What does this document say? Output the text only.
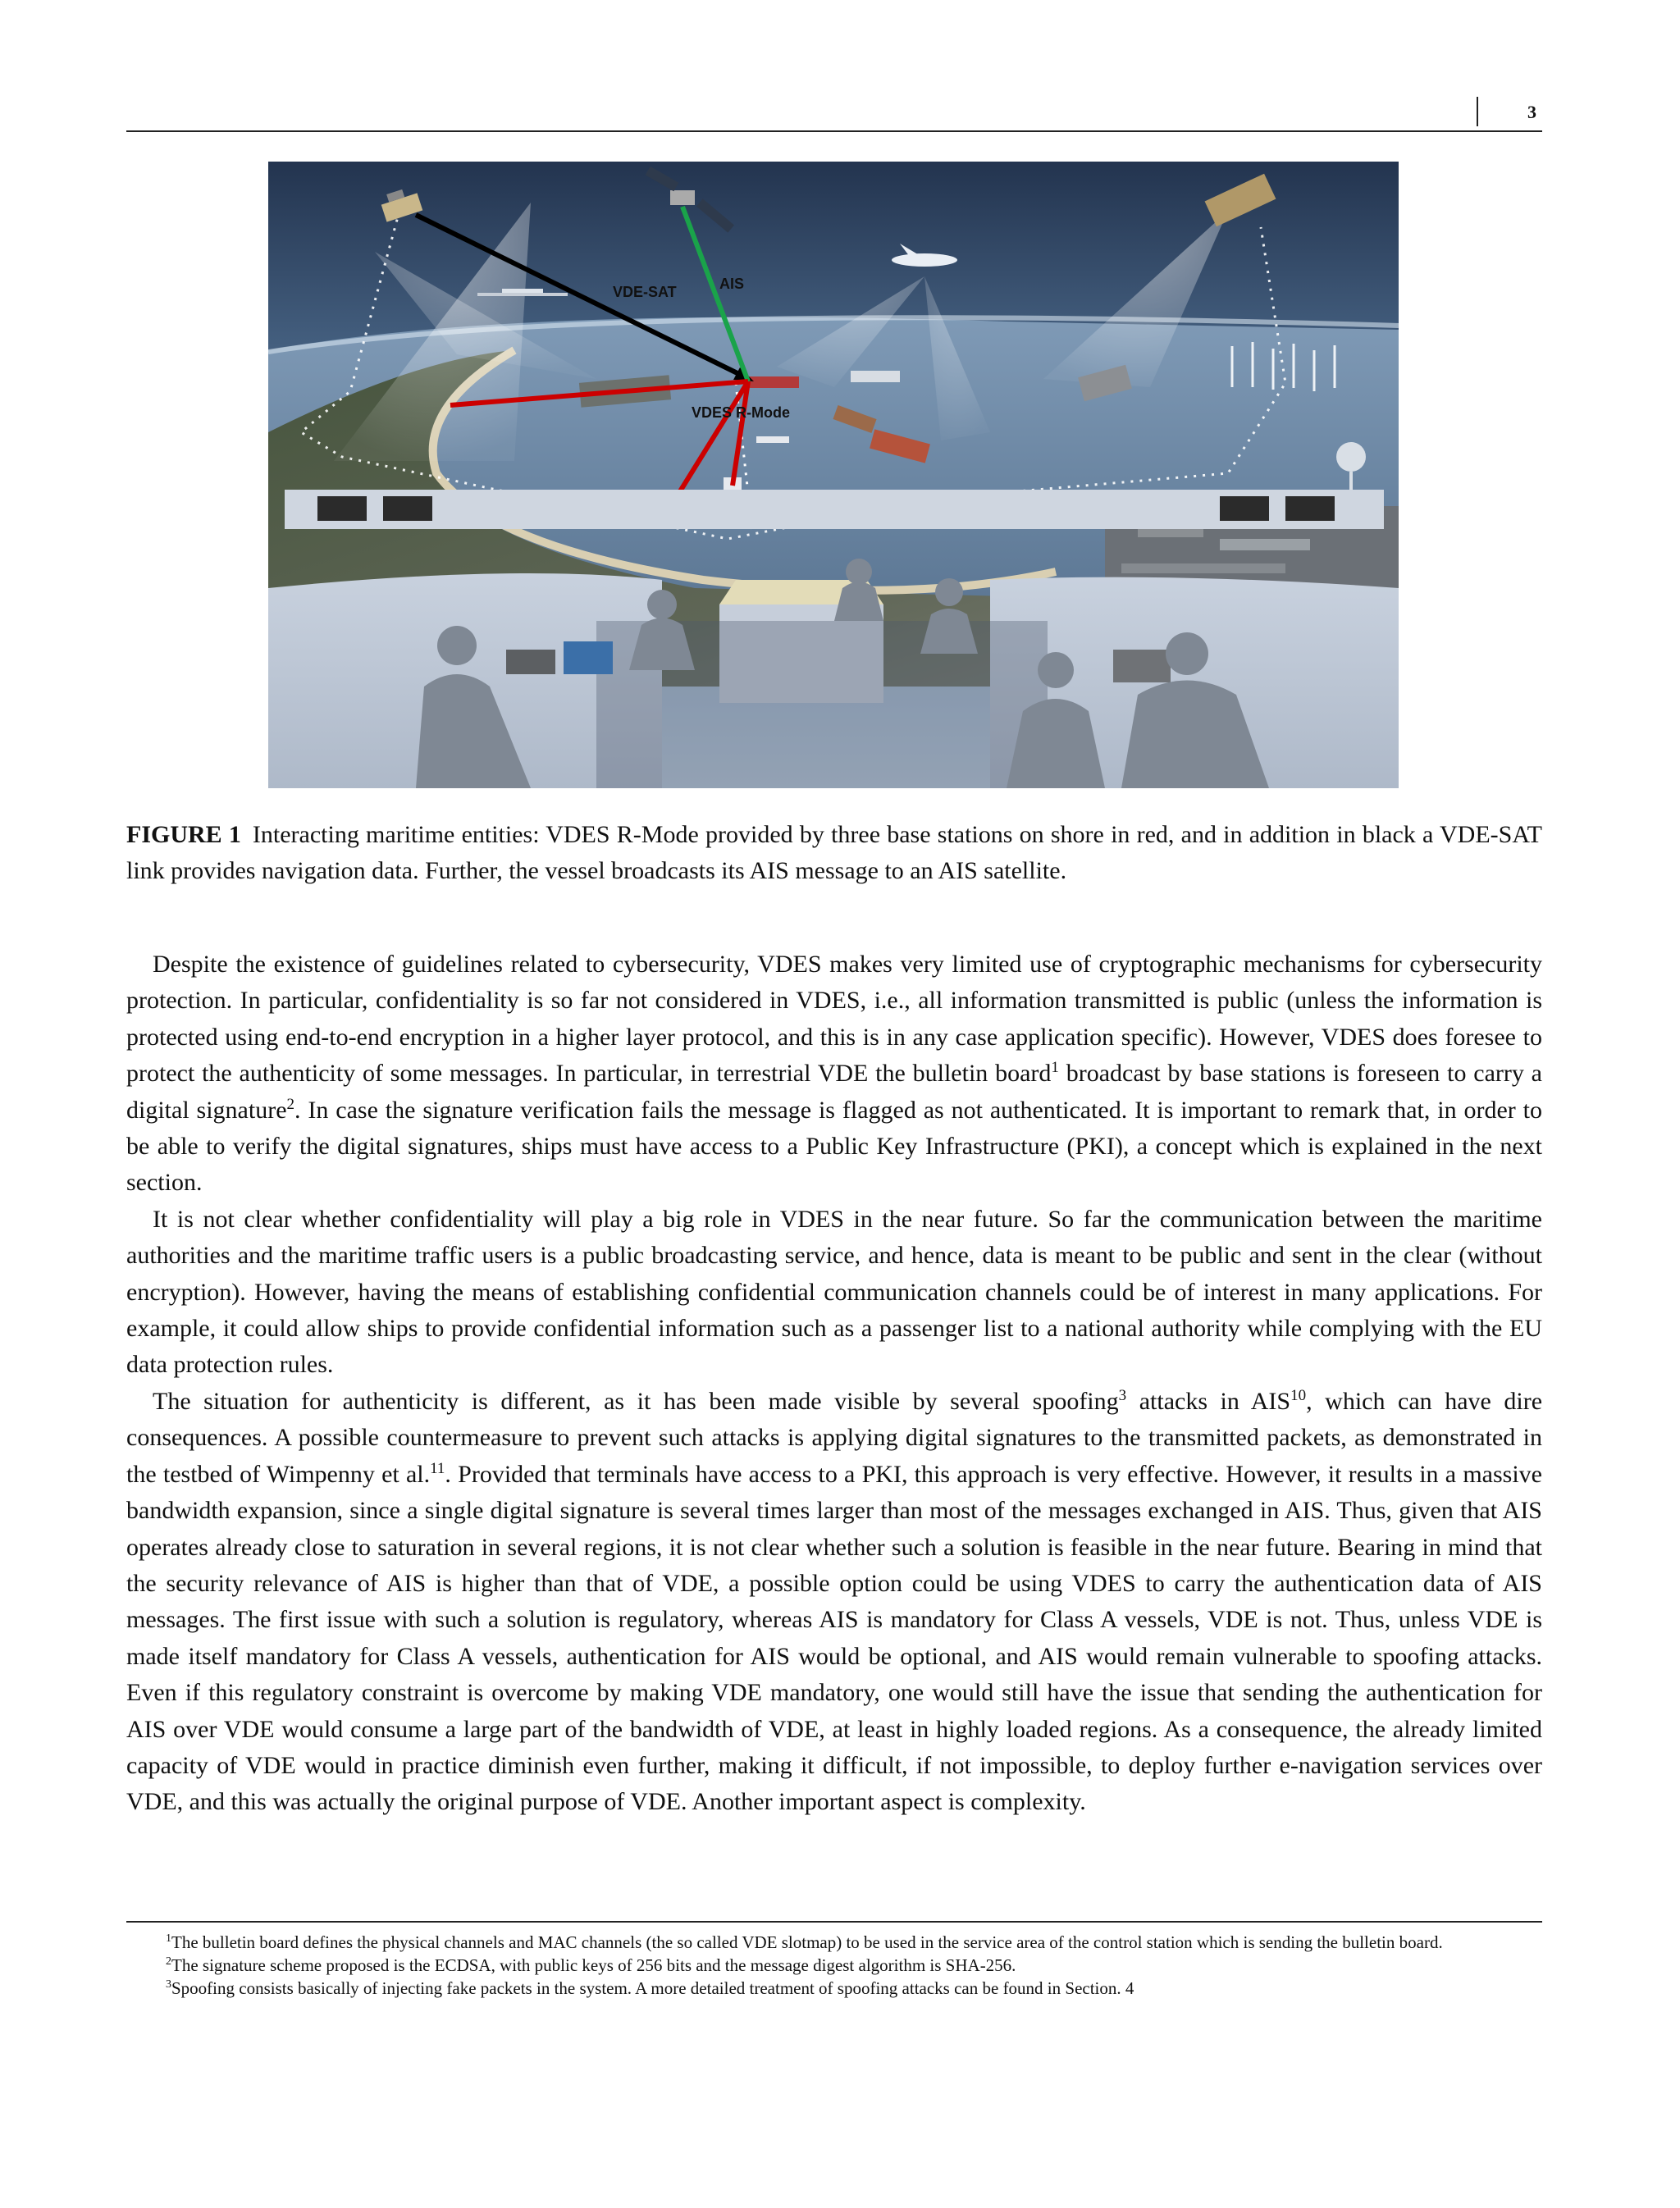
3
VDE-SAT	AIS
VDES R-Mode
FIGURE 1 Interacting maritime entities: VDES R-Mode provided by three base stations on shore in red, and in addition in black a VDE-SAT link provides navigation data. Further, the vessel broadcasts its AIS message to an AIS satellite.

Despite the existence of guidelines related to cybersecurity, VDES makes very limited use of cryptographic mechanisms for cybersecurity protection. In particular, confidentiality is so far not considered in VDES, i.e., all information transmitted is public (unless the information is protected using end-to-end encryption in a higher layer protocol, and this is in any case application specific). However, VDES does foresee to protect the authenticity of some messages. In particular, in terrestrial VDE the bulletin board$^1$ broadcast by base stations is foreseen to carry a digital signature$^2$. In case the signature verification fails the message is flagged as not authenticated. It is important to remark that, in order to be able to verify the digital signatures, ships must have access to a Public Key Infrastructure (PKI), a concept which is explained in the next section.

It is not clear whether confidentiality will play a big role in VDES in the near future. So far the communication between the maritime authorities and the maritime traffic users is a public broadcasting service, and hence, data is meant to be public and sent in the clear (without encryption). However, having the means of establishing confidential communication channels could be of interest in many applications. For example, it could allow ships to provide confidential information such as a passenger list to a national authority while complying with the EU data protection rules.

The situation for authenticity is different, as it has been made visible by several spoofing$^3$ attacks in AIS$^{10}$, which can have dire consequences. A possible countermeasure to prevent such attacks is applying digital signatures to the transmitted packets, as demonstrated in the testbed of Wimpenny et al.$^{11}$. Provided that terminals have access to a PKI, this approach is very effective. However, it results in a massive bandwidth expansion, since a single digital signature is several times larger than most of the messages exchanged in AIS. Thus, given that AIS operates already close to saturation in several regions, it is not clear whether such a solution is feasible in the near future. Bearing in mind that the security relevance of AIS is higher than that of VDE, a possible option could be using VDES to carry the authentication data of AIS messages. The first issue with such a solution is regulatory, whereas AIS is mandatory for Class A vessels, VDE is not. Thus, unless VDE is made itself mandatory for Class A vessels, authentication for AIS would be optional, and AIS would remain vulnerable to spoofing attacks. Even if this regulatory constraint is overcome by making VDE mandatory, one would still have the issue that sending the authentication for AIS over VDE would consume a large part of the bandwidth of VDE, at least in highly loaded regions. As a consequence, the already limited capacity of VDE would in practice diminish even further, making it difficult, if not impossible, to deploy further e-navigation services over VDE, and this was actually the original purpose of VDE. Another important aspect is complexity.

$^1$The bulletin board defines the physical channels and MAC channels (the so called VDE slotmap) to be used in the service area of the control station which is sending the bulletin board.

$^2$The signature scheme proposed is the ECDSA, with public keys of 256 bits and the message digest algorithm is SHA-256.

$^3$Spoofing consists basically of injecting fake packets in the system. A more detailed treatment of spoofing attacks can be found in Section. 4
